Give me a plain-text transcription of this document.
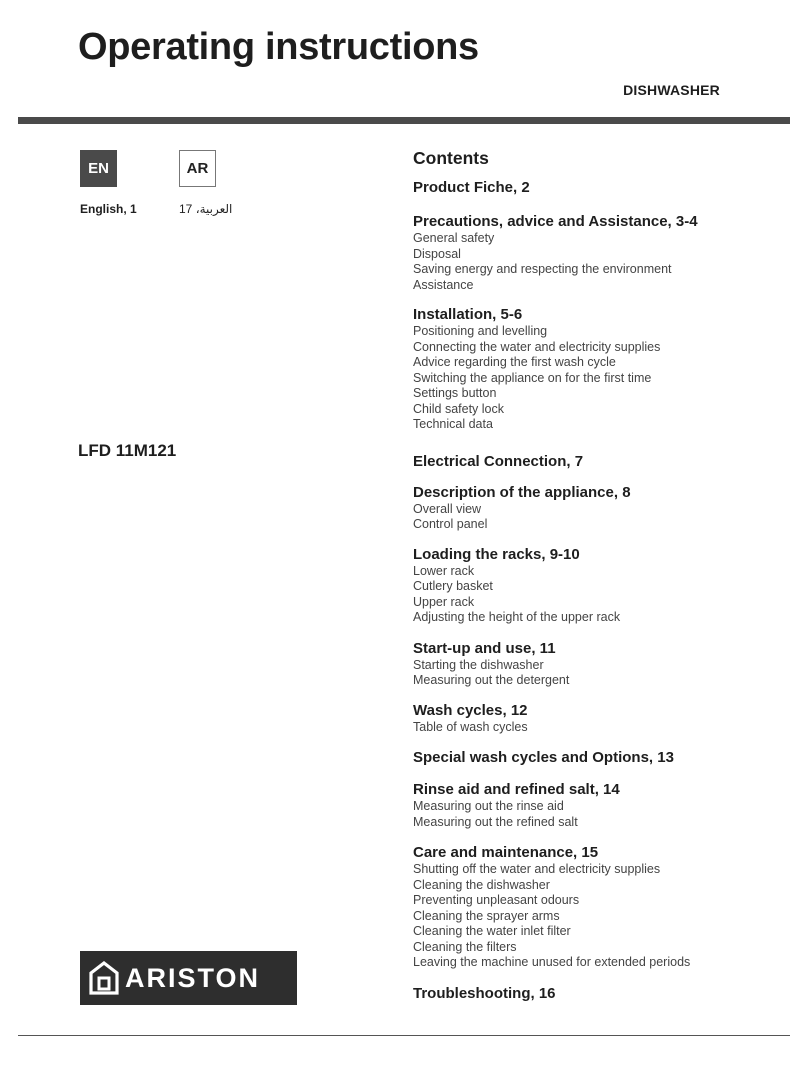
Operating instructions
DISHWASHER
EN	AR
English, 1	العربية، 17
LFD 11M121
ARISTON
Contents
Product Fiche, 2
Precautions, advice and Assistance, 3-4
General safety
Disposal
Saving energy and respecting the environment
Assistance
Installation, 5-6
Positioning and levelling
Connecting the water and electricity supplies
Advice regarding the first wash cycle
Switching the appliance on for the first time
Settings button
Child safety lock
Technical data
Electrical Connection, 7
Description of the appliance, 8
Overall view
Control panel
Loading the racks, 9-10
Lower rack
Cutlery basket
Upper rack
Adjusting the height of the upper rack
Start-up and use, 11
Starting the dishwasher
Measuring out the detergent
Wash cycles, 12
Table of wash cycles
Special wash cycles and Options, 13
Rinse aid and refined salt, 14
Measuring out the rinse aid
Measuring out the refined salt
Care and maintenance, 15
Shutting off the water and electricity supplies
Cleaning the dishwasher
Preventing unpleasant odours
Cleaning the sprayer arms
Cleaning the water inlet filter
Cleaning the filters
Leaving the machine unused for extended periods
Troubleshooting, 16
